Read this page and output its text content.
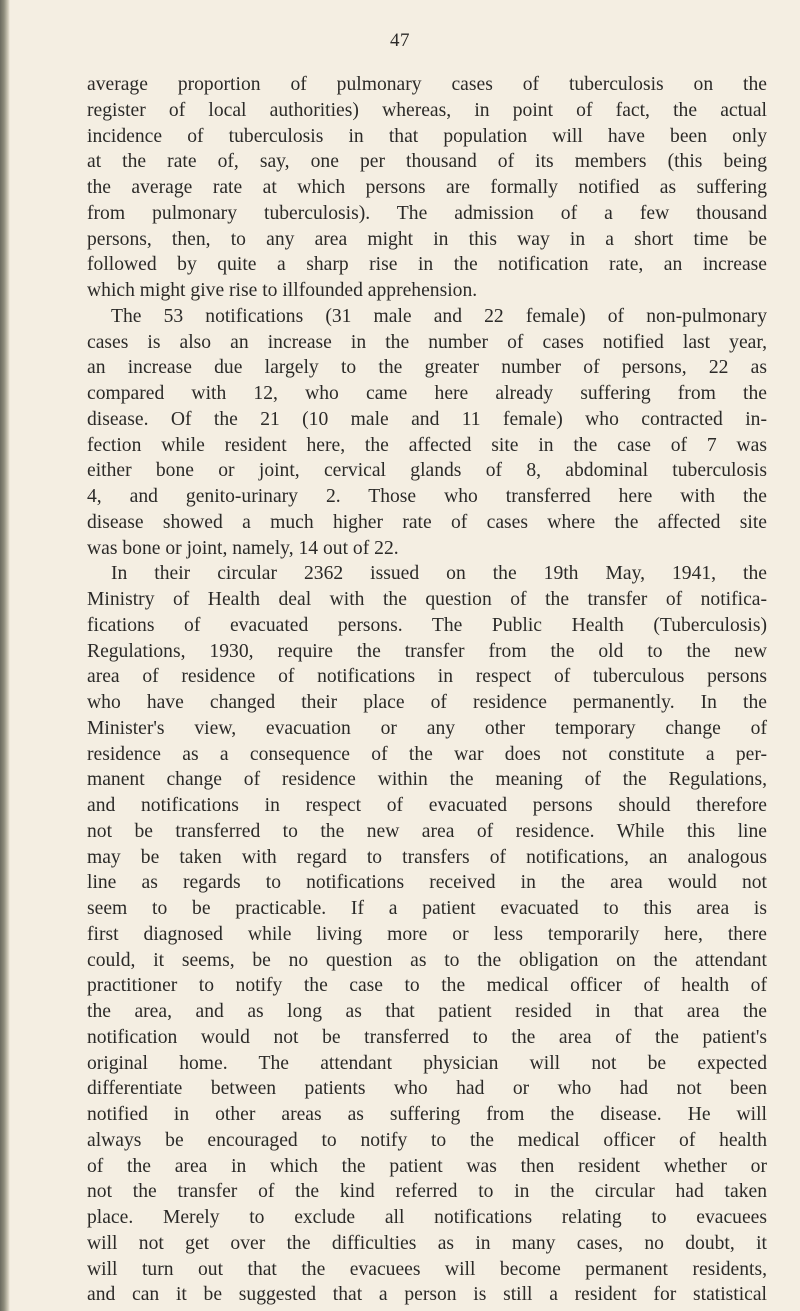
47
average proportion of pulmonary cases of tuberculosis on the
register of local authorities) whereas, in point of fact, the actual
incidence of tuberculosis in that population will have been only
at the rate of, say, one per thousand of its members (this being
the average rate at which persons are formally notified as suffering
from pulmonary tuberculosis). The admission of a few thousand
persons, then, to any area might in this way in a short time be
followed by quite a sharp rise in the notification rate, an increase
which might give rise to illfounded apprehension.
The 53 notifications (31 male and 22 female) of non-pulmonary
cases is also an increase in the number of cases notified last year,
an increase due largely to the greater number of persons, 22 as
compared with 12, who came here already suffering from the
disease. Of the 21 (10 male and 11 female) who contracted in-
fection while resident here, the affected site in the case of 7 was
either bone or joint, cervical glands of 8, abdominal tuberculosis
4, and genito-urinary 2. Those who transferred here with the
disease showed a much higher rate of cases where the affected site
was bone or joint, namely, 14 out of 22.
In their circular 2362 issued on the 19th May, 1941, the
Ministry of Health deal with the question of the transfer of notifica-
fications of evacuated persons. The Public Health (Tuberculosis)
Regulations, 1930, require the transfer from the old to the new
area of residence of notifications in respect of tuberculous persons
who have changed their place of residence permanently. In the
Minister's view, evacuation or any other temporary change of
residence as a consequence of the war does not constitute a per-
manent change of residence within the meaning of the Regulations,
and notifications in respect of evacuated persons should therefore
not be transferred to the new area of residence. While this line
may be taken with regard to transfers of notifications, an analogous
line as regards to notifications received in the area would not
seem to be practicable. If a patient evacuated to this area is
first diagnosed while living more or less temporarily here, there
could, it seems, be no question as to the obligation on the attendant
practitioner to notify the case to the medical officer of health of
the area, and as long as that patient resided in that area the
notification would not be transferred to the area of the patient's
original home. The attendant physician will not be expected
differentiate between patients who had or who had not been
notified in other areas as suffering from the disease. He will
always be encouraged to notify to the medical officer of health
of the area in which the patient was then resident whether or
not the transfer of the kind referred to in the circular had taken
place. Merely to exclude all notifications relating to evacuees
will not get over the difficulties as in many cases, no doubt, it
will turn out that the evacuees will become permanent residents,
and can it be suggested that a person is still a resident for statistical
